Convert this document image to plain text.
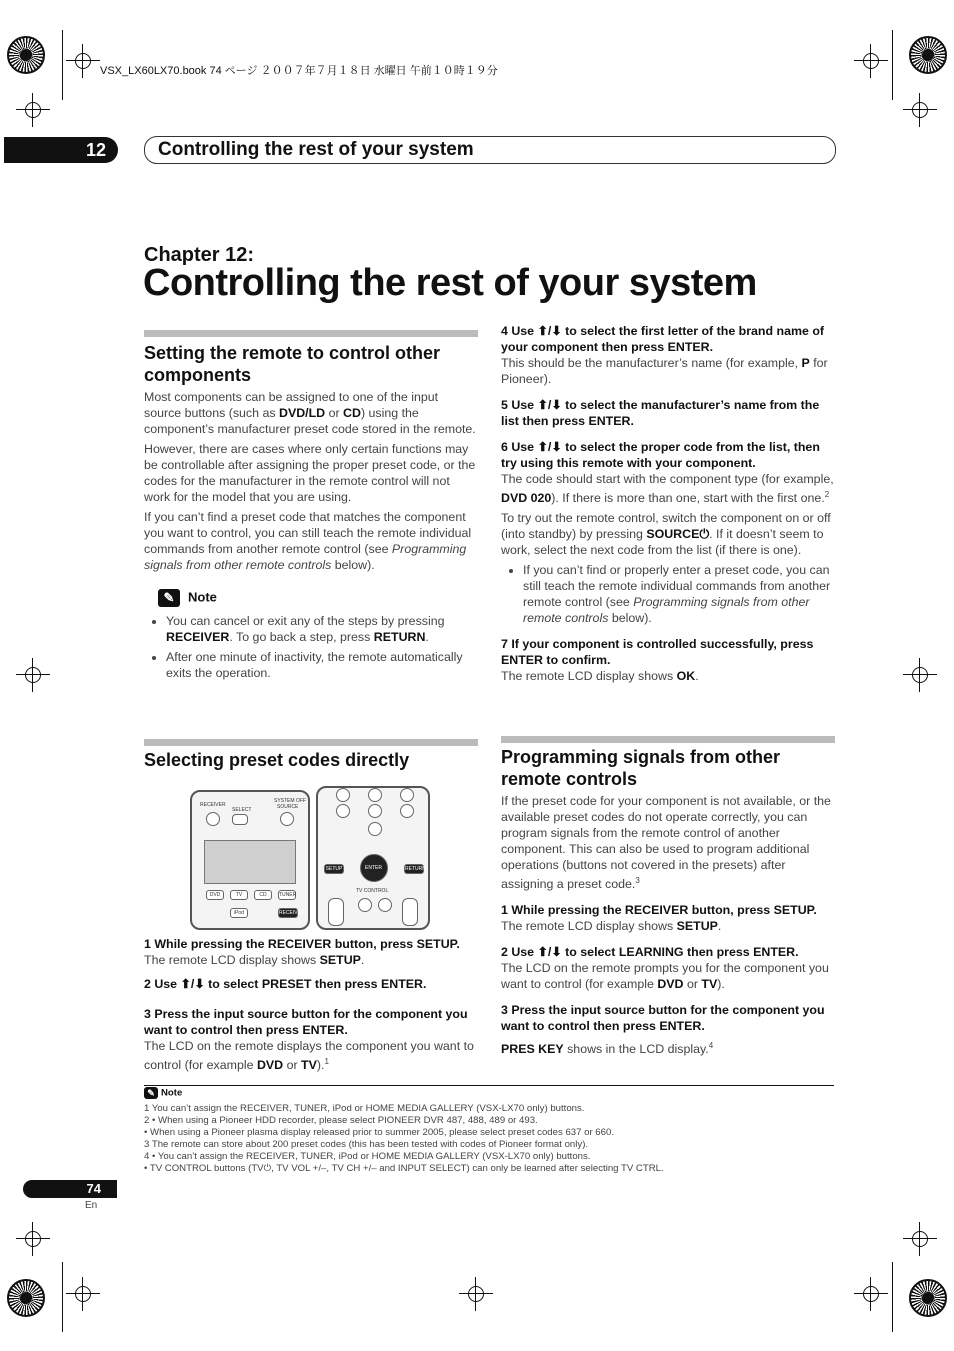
VSX_LX60LX70.book 74 ページ ２００７年７月１８日 水曜日 午前１０時１９分
12	Controlling the rest of your system
Chapter 12:
Controlling the rest of your system
Setting the remote to control other components

Most components can be assigned to one of the input source buttons (such as DVD/LD or CD) using the component’s manufacturer preset code stored in the remote.

However, there are cases where only certain functions may be controllable after assigning the proper preset code, or the codes for the manufacturer in the remote control will not work for the model that you are using.

If you can’t find a preset code that matches the component you want to control, you can still teach the remote individual commands from another remote control (see Programming signals from other remote controls below).

✎ Note
• You can cancel or exit any of the steps by pressing RECEIVER. To go back a step, press RETURN.
• After one minute of inactivity, the remote automatically exits the operation.
Selecting preset codes directly
RECEIVER
SELECT
SYSTEM OFF
SOURCE
DVD	TV	CD	TUNER
iPod	RECEIVER
ENTER
SETUP	RETURN
TV CONTROL
1 While pressing the RECEIVER button, press SETUP.

The remote LCD display shows SETUP.

2 Use ⬆/⬇ to select PRESET then press ENTER.
3 Press the input source button for the component you want to control then press ENTER.

The LCD on the remote displays the component you want to control (for example DVD or TV).$^1$

4 Use ⬆/⬇ to select the first letter of the brand name of your component then press ENTER.

This should be the manufacturer’s name (for example, P for Pioneer).

5 Use ⬆/⬇ to select the manufacturer’s name from the list then press ENTER.
6 Use ⬆/⬇ to select the proper code from the list, then try using this remote with your component.

The code should start with the component type (for example, DVD 020). If there is more than one, start with the first one.$^2$

To try out the remote control, switch the component on or off (into standby) by pressing SOURCE⏻. If it doesn’t seem to work, select the next code from the list (if there is one).

• If you can’t find or properly enter a preset code, you can still teach the remote individual commands from another remote control (see Programming signals from other remote controls below).
7 If your component is controlled successfully, press ENTER to confirm.

The remote LCD display shows OK.

Programming signals from other remote controls

If the preset code for your component is not available, or the available preset codes do not operate correctly, you can program signals from the remote control of another component. This can also be used to program additional operations (buttons not covered in the presets) after assigning a preset code.$^3$

1 While pressing the RECEIVER button, press SETUP.

The remote LCD display shows SETUP.

2 Use ⬆/⬇ to select LEARNING then press ENTER.

The LCD on the remote prompts you for the component you want to control (for example DVD or TV).

3 Press the input source button for the component you want to control then press ENTER.

PRES KEY shows in the LCD display.$^4$

✎ Note
1 You can’t assign the RECEIVER, TUNER, iPod or HOME MEDIA GALLERY (VSX-LX70 only) buttons.
2 • When using a Pioneer HDD recorder, please select PIONEER DVR 487, 488, 489 or 493.
• When using a Pioneer plasma display released prior to summer 2005, please select preset codes 637 or 660.
3 The remote can store about 200 preset codes (this has been tested with codes of Pioneer format only).
4 • You can’t assign the RECEIVER, TUNER, iPod or HOME MEDIA GALLERY (VSX-LX70 only) buttons.
• TV CONTROL buttons (TV⏻, TV VOL +/–, TV CH +/– and INPUT SELECT) can only be learned after selecting TV CTRL.
74
En
